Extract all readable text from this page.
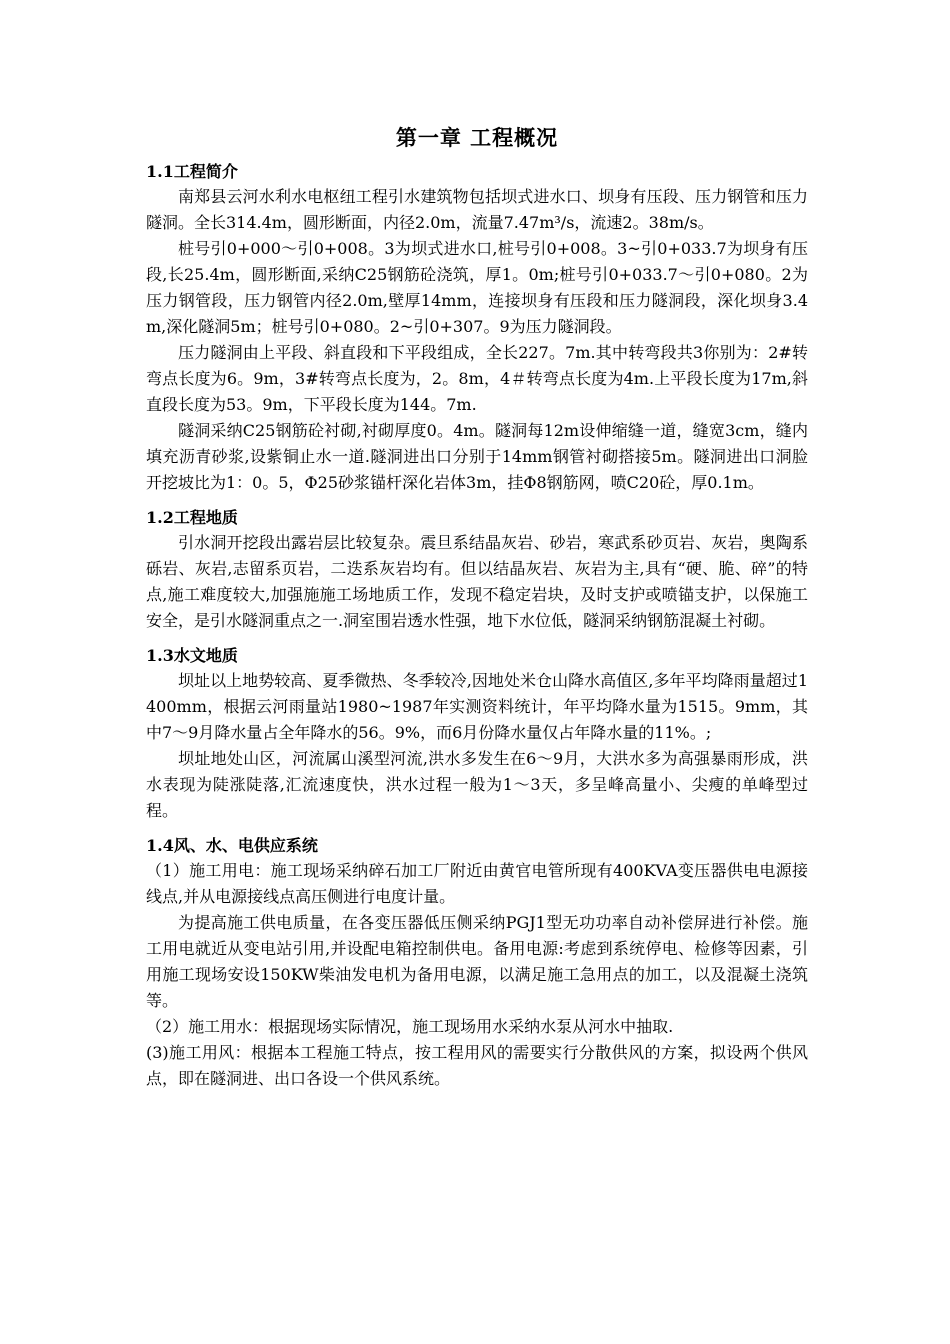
第一章 工程概况
1.1工程简介

南郑县云河水利水电枢纽工程引水建筑物包括坝式进水口、坝身有压段、压力钢管和压力隧洞。全长314.4m，圆形断面，内径2.0m，流量7.47m³/s，流速2。38m/s。

桩号引0+000～引0+008。3为坝式进水口,桩号引0+008。3~引0+033.7为坝身有压段,长25.4m，圆形断面,采纳C25钢筋砼浇筑，厚1。0m;桩号引0+033.7～引0+080。2为压力钢管段，压力钢管内径2.0m,壁厚14mm，连接坝身有压段和压力隧洞段，深化坝身3.4m,深化隧洞5m；桩号引0+080。2~引0+307。9为压力隧洞段。

压力隧洞由上平段、斜直段和下平段组成，全长227。7m.其中转弯段共3你别为：2#转弯点长度为6。9m，3#转弯点长度为，2。8m，4＃转弯点长度为4m.上平段长度为17m,斜直段长度为53。9m，下平段长度为144。7m.

隧洞采纳C25钢筋砼衬砌,衬砌厚度0。4m。隧洞每12m设伸缩缝一道，缝宽3cm，缝内填充沥青砂浆,设紫铜止水一道.隧洞进出口分别于14mm钢管衬砌搭接5m。隧洞进出口洞脸开挖坡比为1：0。5，Φ25砂浆锚杆深化岩体3m，挂Φ8钢筋网，喷C20砼，厚0.1m。

1.2工程地质

引水洞开挖段出露岩层比较复杂。震旦系结晶灰岩、砂岩，寒武系砂页岩、灰岩，奥陶系砾岩、灰岩,志留系页岩，二迭系灰岩均有。但以结晶灰岩、灰岩为主,具有“硬、脆、碎”的特点,施工难度较大,加强施施工场地质工作，发现不稳定岩块，及时支护或喷锚支护，以保施工安全，是引水隧洞重点之一.洞室围岩透水性强，地下水位低，隧洞采纳钢筋混凝土衬砌。

1.3水文地质

坝址以上地势较高、夏季微热、冬季较冷,因地处米仓山降水高值区,多年平均降雨量超过1400mm，根据云河雨量站1980~1987年实测资料统计，年平均降水量为1515。9mm，其中7～9月降水量占全年降水的56。9%，而6月份降水量仅占年降水量的11%。;

坝址地处山区，河流属山溪型河流,洪水多发生在6～9月，大洪水多为高强暴雨形成，洪水表现为陡涨陡落,汇流速度快，洪水过程一般为1～3天，多呈峰高量小、尖瘦的单峰型过程。

1.4风、水、电供应系统

（1）施工用电：施工现场采纳碎石加工厂附近由黄官电管所现有400KVA变压器供电电源接线点,并从电源接线点高压侧进行电度计量。

为提高施工供电质量，在各变压器低压侧采纳PGJ1型无功功率自动补偿屏进行补偿。施工用电就近从变电站引用,并设配电箱控制供电。备用电源:考虑到系统停电、检修等因素，引用施工现场安设150KW柴油发电机为备用电源，以满足施工急用点的加工，以及混凝土浇筑等。

（2）施工用水：根据现场实际情况，施工现场用水采纳水泵从河水中抽取.

(3)施工用风：根据本工程施工特点，按工程用风的需要实行分散供风的方案，拟设两个供风点，即在隧洞进、出口各设一个供风系统。
